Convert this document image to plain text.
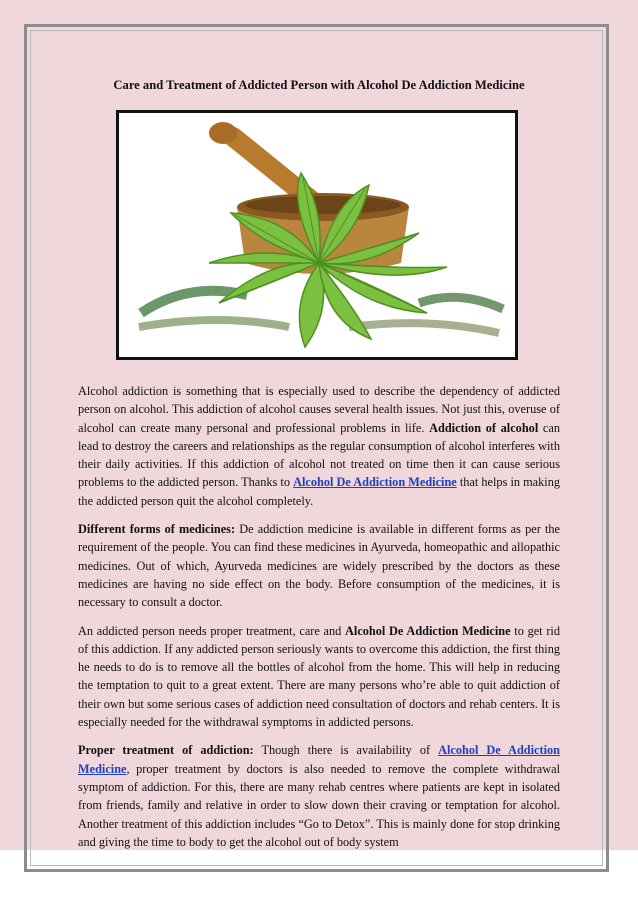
Care and Treatment of Addicted Person with Alcohol De Addiction Medicine

Alcohol addiction is something that is especially used to describe the dependency of addicted person on alcohol. This addiction of alcohol causes several health issues. Not just this, overuse of alcohol can create many personal and professional problems in life. Addiction of alcohol can lead to destroy the careers and relationships as the regular consumption of alcohol interferes with their daily activities. If this addiction of alcohol not treated on time then it can cause serious problems to the addicted person. Thanks to Alcohol De Addiction Medicine that helps in making the addicted person quit the alcohol completely.

Different forms of medicines: De addiction medicine is available in different forms as per the requirement of the people. You can find these medicines in Ayurveda, homeopathic and allopathic medicines. Out of which, Ayurveda medicines are widely prescribed by the doctors as these medicines are having no side effect on the body. Before consumption of the medicines, it is necessary to consult a doctor.

An addicted person needs proper treatment, care and Alcohol De Addiction Medicine to get rid of this addiction. If any addicted person seriously wants to overcome this addiction, the first thing he needs to do is to remove all the bottles of alcohol from the home. This will help in reducing the temptation to quit to a great extent. There are many persons who’re able to quit addiction of their own but some serious cases of addiction need consultation of doctors and rehab centers. It is especially needed for the withdrawal symptoms in addicted persons.

Proper treatment of addiction: Though there is availability of Alcohol De Addiction Medicine, proper treatment by doctors is also needed to remove the complete withdrawal symptom of addiction. For this, there are many rehab centres where patients are kept in isolated from friends, family and relative in order to slow down their craving or temptation for alcohol. Another treatment of this addiction includes “Go to Detox”. This is mainly done for stop drinking and giving the time to body to get the alcohol out of body system
